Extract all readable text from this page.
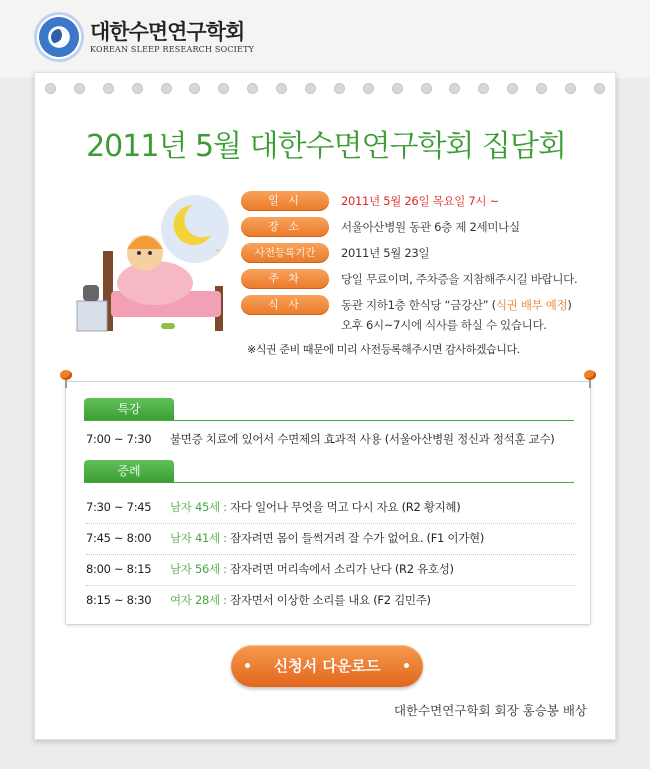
대한수면연구학회
KOREAN SLEEP RESEARCH SOCIETY
2011년 5월 대한수면연구학회 집담회
✦
✦
일 시	2011년 5월 26일 목요일 7시 ~
장 소	서울아산병원 동관 6층 제 2세미나실
사전등록기간	2011년 5월 23일
주 차	당일 무료이며, 주차증을 지참해주시길 바랍니다.
식 사	동관 지하1층 한식당 “금강산” (식권 배부 예정)
오후 6시~7시에 식사를 하실 수 있습니다.
※식권 준비 때문에 미리 사전등록해주시면 감사하겠습니다.
특강
7:00 ~ 7:30 불면증 치료에 있어서 수면제의 효과적 사용 (서울아산병원 정신과 정석훈 교수)
증례
7:30 ~ 7:45 남자 45세 : 자다 일어나 무엇을 먹고 다시 자요 (R2 황지혜)
7:45 ~ 8:00 남자 41세 : 잠자려면 몸이 들썩거려 잘 수가 없어요. (F1 이가현)
8:00 ~ 8:15 남자 56세 : 잠자려면 머리속에서 소리가 난다 (R2 유호성)
8:15 ~ 8:30 여자 28세 : 잠자면서 이상한 소리를 내요 (F2 김민주)
신청서 다운로드
대한수면연구학회 회장 홍승봉 배상
